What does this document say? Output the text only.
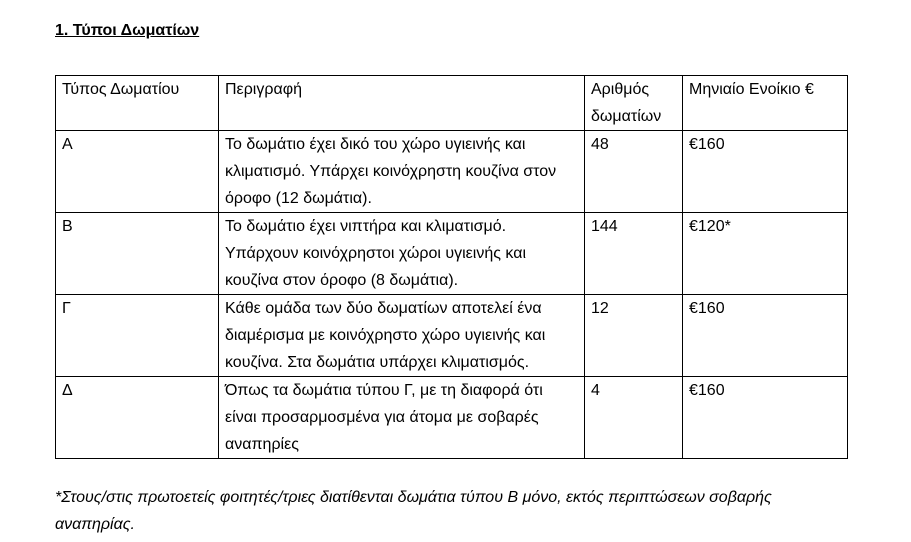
1. Τύποι Δωματίων
Τύπος Δωματίου	Περιγραφή	Αριθμός δωματίων	Μηνιαίο Ενοίκιο €
Α	Το δωμάτιο έχει δικό του χώρο υγιεινής και κλιματισμό. Υπάρχει κοινόχρηστη κουζίνα στον όροφο (12 δωμάτια).	48	€160
Β	Το δωμάτιο έχει νιπτήρα και κλιματισμό. Υπάρχουν κοινόχρηστοι χώροι υγιεινής και κουζίνα στον όροφο (8 δωμάτια).	144	€120*
Γ	Κάθε ομάδα των δύο δωματίων αποτελεί ένα διαμέρισμα με κοινόχρηστο χώρο υγιεινής και κουζίνα. Στα δωμάτια υπάρχει κλιματισμός.	12	€160
Δ	Όπως τα δωμάτια τύπου Γ, με τη διαφορά ότι είναι προσαρμοσμένα για άτομα με σοβαρές αναπηρίες	4	€160
*Στους/στις πρωτοετείς φοιτητές/τριες διατίθενται δωμάτια τύπου Β μόνο, εκτός περιπτώσεων σοβαρής αναπηρίας.
